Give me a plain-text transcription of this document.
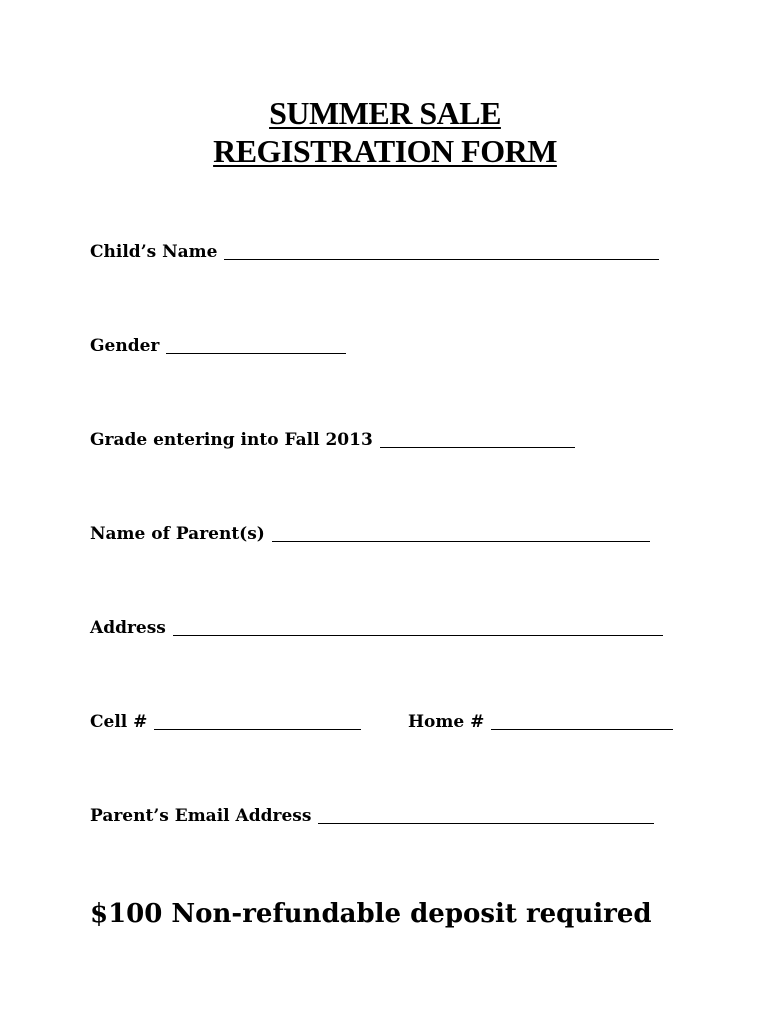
SUMMER SALE
REGISTRATION FORM
Child’s Name
Gender
Grade entering into Fall 2013
Name of Parent(s)
Address
Cell #	Home #
Parent’s Email Address
$100 Non-refundable deposit required
